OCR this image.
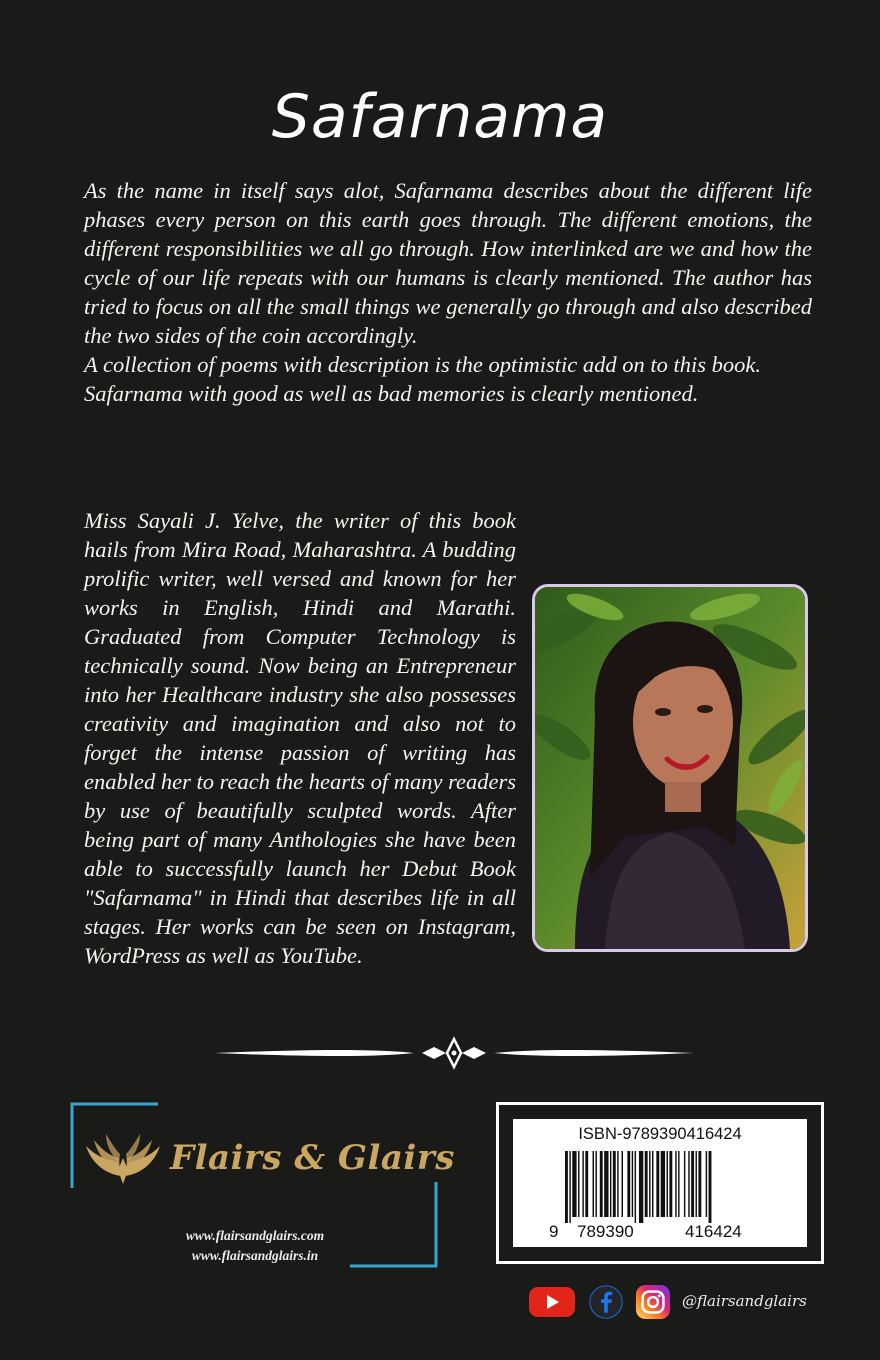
Safarnama

As the name in itself says alot, Safarnama describes about the different life phases every person on this earth goes through. The different emotions, the different responsibilities we all go through. How interlinked are we and how the cycle of our life repeats with our humans is clearly mentioned. The author has tried to focus on all the small things we generally go through and also described the two sides of the coin accordingly.

A collection of poems with description is the optimistic add on to this book.

Safarnama with good as well as bad memories is clearly mentioned.

Miss Sayali J. Yelve, the writer of this book hails from Mira Road, Maharashtra. A budding prolific writer, well versed and known for her works in English, Hindi and Marathi. Graduated from Computer Technology is technically sound. Now being an Entrepreneur into her Healthcare industry she also possesses creativity and imagination and also not to forget the intense passion of writing has enabled her to reach the hearts of many readers by use of beautifully sculpted words. After being part of many Anthologies she have been able to successfully launch her Debut Book "Safarnama" in Hindi that describes life in all stages. Her works can be seen on Instagram, WordPress as well as YouTube.
Flairs & Glairs
www.flairsandglairs.com
www.flairsandglairs.in
ISBN-9789390416424
9 789390	416424
@flairsandglairs
